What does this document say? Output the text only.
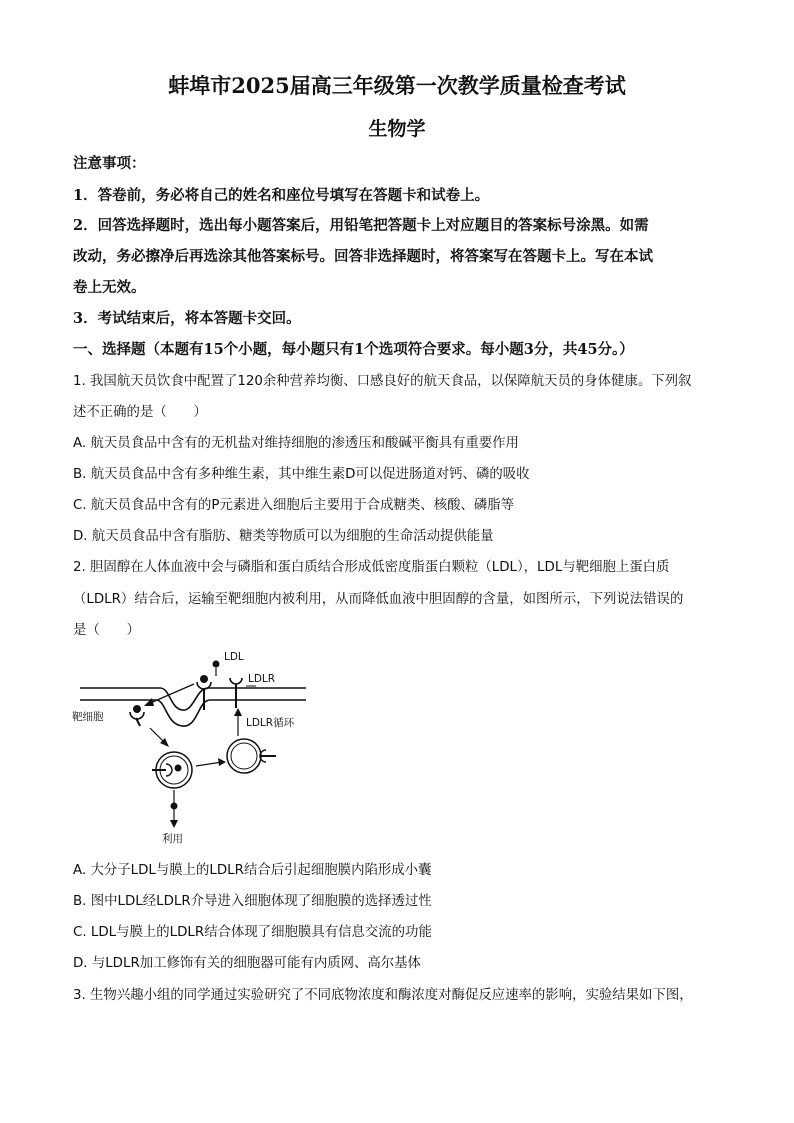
蚌埠市2025届高三年级第一次教学质量检查考试
生物学
注意事项：
1．答卷前，务必将自己的姓名和座位号填写在答题卡和试卷上。
2．回答选择题时，选出每小题答案后，用铅笔把答题卡上对应题目的答案标号涂黑。如需
改动，务必擦净后再选涂其他答案标号。回答非选择题时，将答案写在答题卡上。写在本试
卷上无效。
3．考试结束后，将本答题卡交回。
一、选择题（本题有15个小题，每小题只有1个选项符合要求。每小题3分，共45分。）
1. 我国航天员饮食中配置了120余种营养均衡、口感良好的航天食品，以保障航天员的身体健康。下列叙
述不正确的是（　　）
A. 航天员食品中含有的无机盐对维持细胞的渗透压和酸碱平衡具有重要作用
B. 航天员食品中含有多种维生素，其中维生素D可以促进肠道对钙、磷的吸收
C. 航天员食品中含有的P元素进入细胞后主要用于合成糖类、核酸、磷脂等
D. 航天员食品中含有脂肪、糖类等物质可以为细胞的生命活动提供能量
2. 胆固醇在人体血液中会与磷脂和蛋白质结合形成低密度脂蛋白颗粒（LDL），LDL与靶细胞上蛋白质
（LDLR）结合后，运输至靶细胞内被利用，从而降低血液中胆固醇的含量，如图所示，下列说法错误的
是（　　）
LDL
LDLR
靶细胞	LDLR循环
利用
A. 大分子LDL与膜上的LDLR结合后引起细胞膜内陷形成小囊
B. 图中LDL经LDLR介导进入细胞体现了细胞膜的选择透过性
C. LDL与膜上的LDLR结合体现了细胞膜具有信息交流的功能
D. 与LDLR加工修饰有关的细胞器可能有内质网、高尔基体
3. 生物兴趣小组的同学通过实验研究了不同底物浓度和酶浓度对酶促反应速率的影响，实验结果如下图，
